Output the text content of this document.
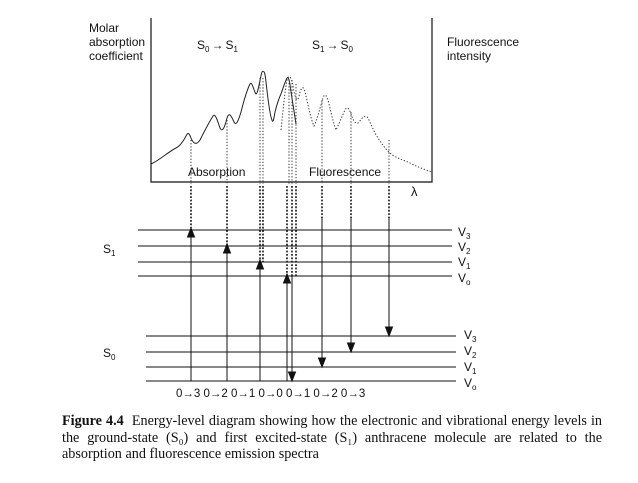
Molar
absorption
coefficient
Fluorescence
intensity
$S_0 \to S_1$	$S_1 \to S_0$
Absorption	Fluorescence
λ
$S_1$
$S_0$
$V_3$
$V_2$
$V_1$
$V_o$
$V_3$
$V_2$
$V_1$
$V_o$
0→3 0→2 0→1 0→0 0→1 0→2 0→3
Figure 4.4 Energy-level diagram showing how the electronic and vibrational energy levels in the ground-state (S₀) and first excited-state (S₁) anthracene molecule are related to the absorption and fluorescence emission spectra
